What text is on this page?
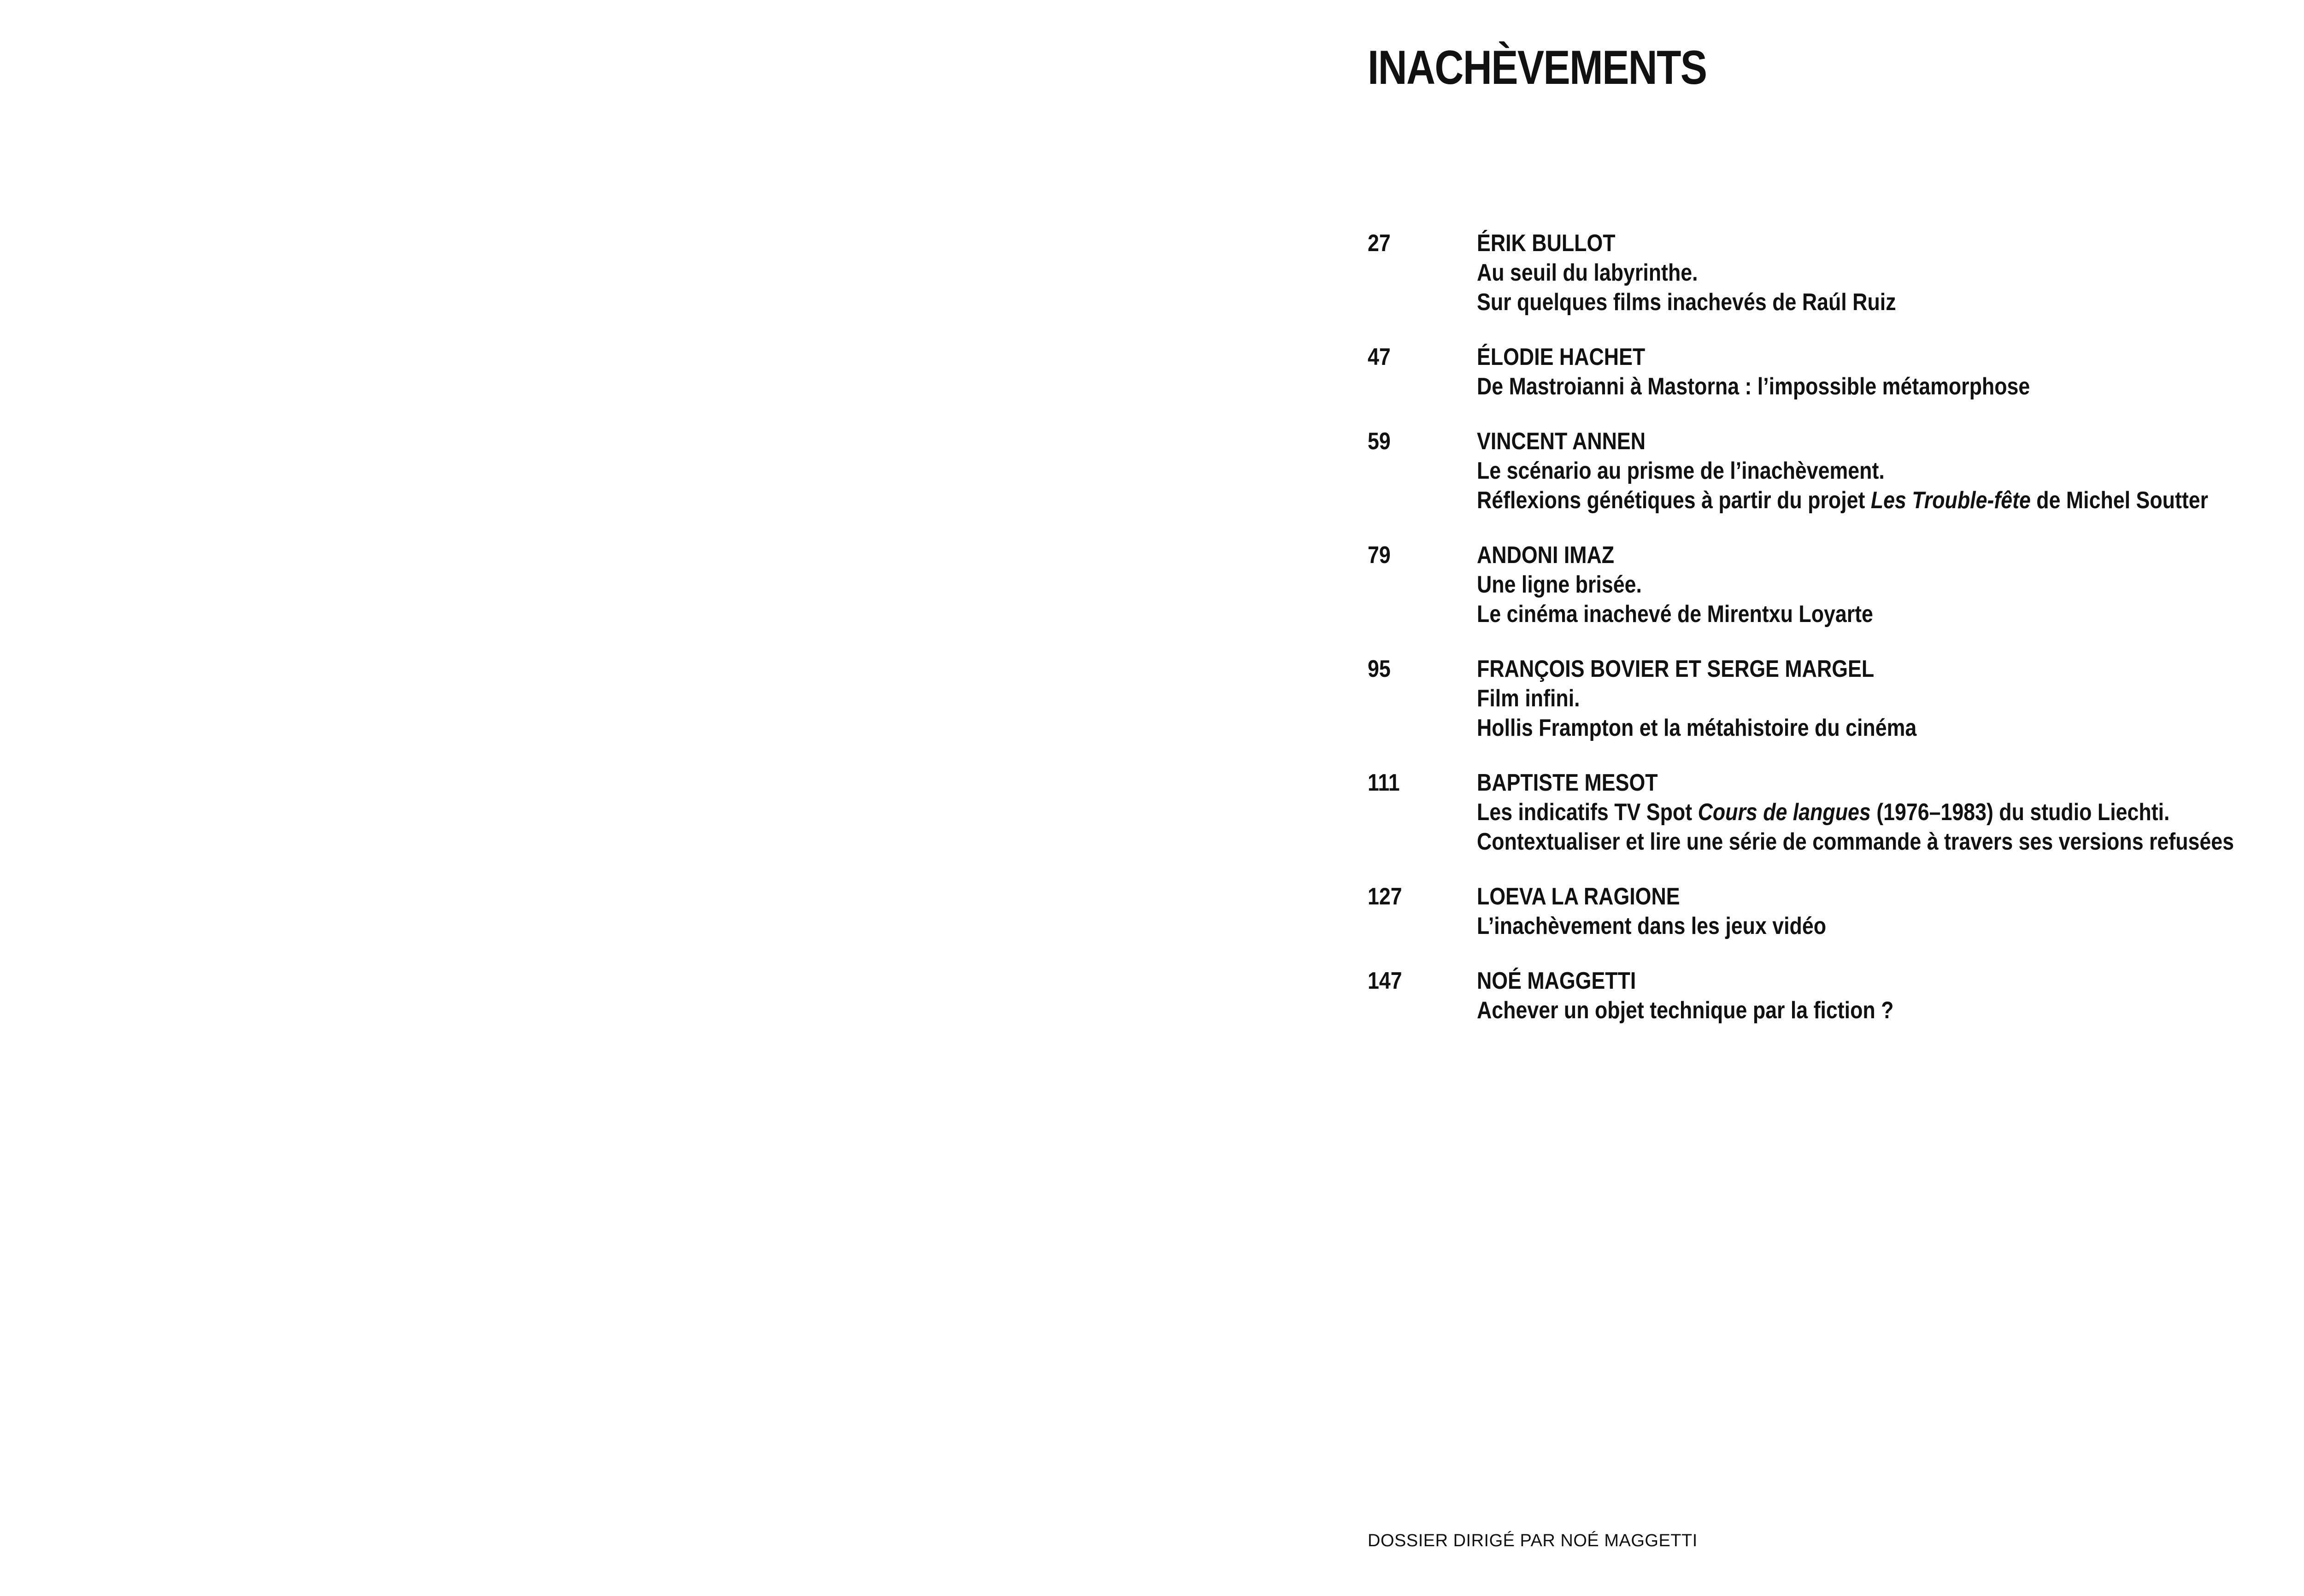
INACHÈVEMENTS
27	ÉRIK BULLOT
Au seuil du labyrinthe.
Sur quelques films inachevés de Raúl Ruiz
47	ÉLODIE HACHET
De Mastroianni à Mastorna : l’impossible métamorphose
59	VINCENT ANNEN
Le scénario au prisme de l’inachèvement.
Réflexions génétiques à partir du projet Les Trouble-fête de Michel Soutter
79	ANDONI IMAZ
Une ligne brisée.
Le cinéma inachevé de Mirentxu Loyarte
95	FRANÇOIS BOVIER ET SERGE MARGEL
Film infini.
Hollis Frampton et la métahistoire du cinéma
111	BAPTISTE MESOT
Les indicatifs TV Spot Cours de langues (1976–1983) du studio Liechti.
Contextualiser et lire une série de commande à travers ses versions refusées
127	LOEVA LA RAGIONE
L’inachèvement dans les jeux vidéo
147	NOÉ MAGGETTI
Achever un objet technique par la fiction ?
DOSSIER DIRIGÉ PAR NOÉ MAGGETTI
